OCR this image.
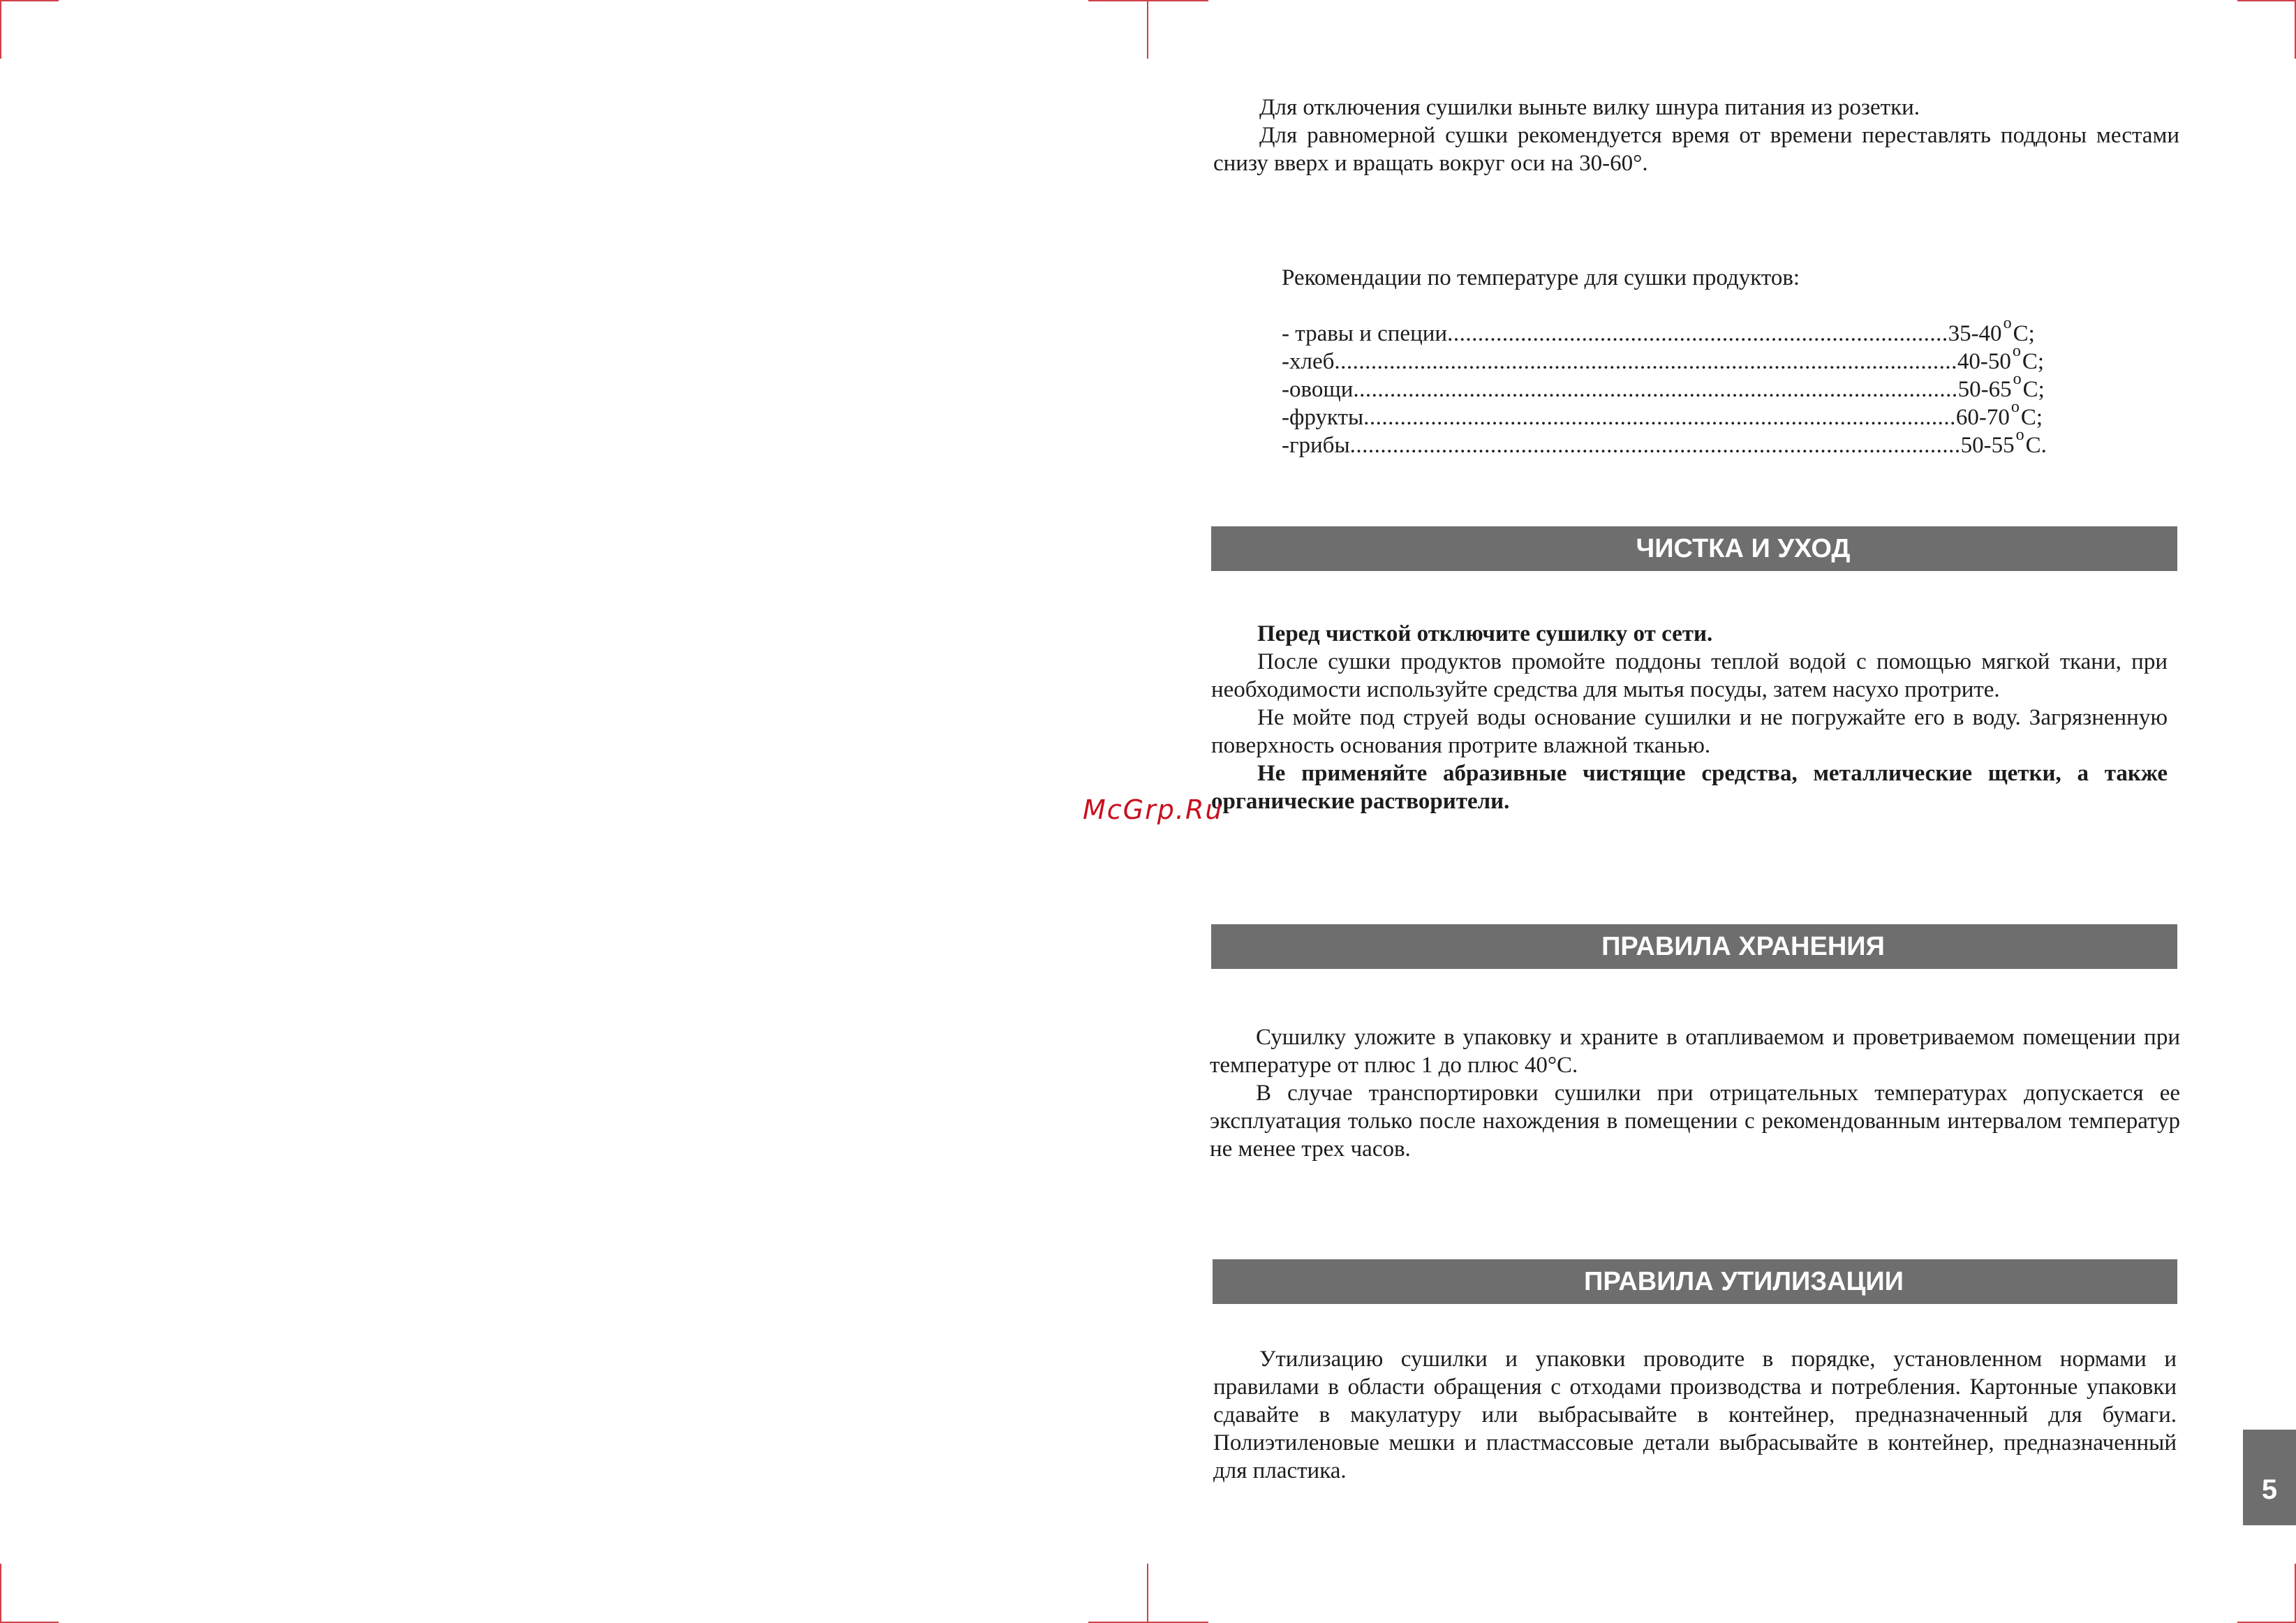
Для отключения сушилки выньте вилку шнура питания из розетки.

Для равномерной сушки рекомендуется время от времени переставлять поддоны местами снизу вверх и вращать вокруг оси на 30-60°.

Рекомендации по температуре для сушки продуктов:
- травы и специи..................................................................................35-40$^o$C;
-хлеб......................................................................................................40-50$^o$C;
-овощи...................................................................................................50-65$^o$C;
-фрукты.................................................................................................60-70$^o$C;
-грибы....................................................................................................50-55$^o$C.
ЧИСТКА И УХОД

Перед чисткой отключите сушилку от сети.

После сушки продуктов промойте поддоны теплой водой с помощью мягкой ткани, при необходимости используйте средства для мытья посуды, затем насухо протрите.

Не мойте под струей воды основание сушилки и не погружайте его в воду. Загрязненную поверхность основания протрите влажной тканью.

Не применяйте абразивные чистящие средства, металлические щетки, а также органические растворители.

McGrp.Ru
ПРАВИЛА ХРАНЕНИЯ

Сушилку уложите в упаковку и храните в отапливаемом и проветриваемом помещении при температуре от плюс 1 до плюс 40°С.

В случае транспортировки сушилки при отрицательных температурах допускается ее эксплуатация только после нахождения в помещении с рекомендованным интервалом температур не менее трех часов.

ПРАВИЛА УТИЛИЗАЦИИ

Утилизацию сушилки и упаковки проводите в порядке, установленном нормами и правилами в области обращения с отходами производства и потребления. Картонные упаковки сдавайте в макулатуру или выбрасывайте в контейнер, предназначенный для бумаги. Полиэтиленовые мешки и пластмассовые детали выбрасывайте в контейнер, предназначенный для пластика.

5
